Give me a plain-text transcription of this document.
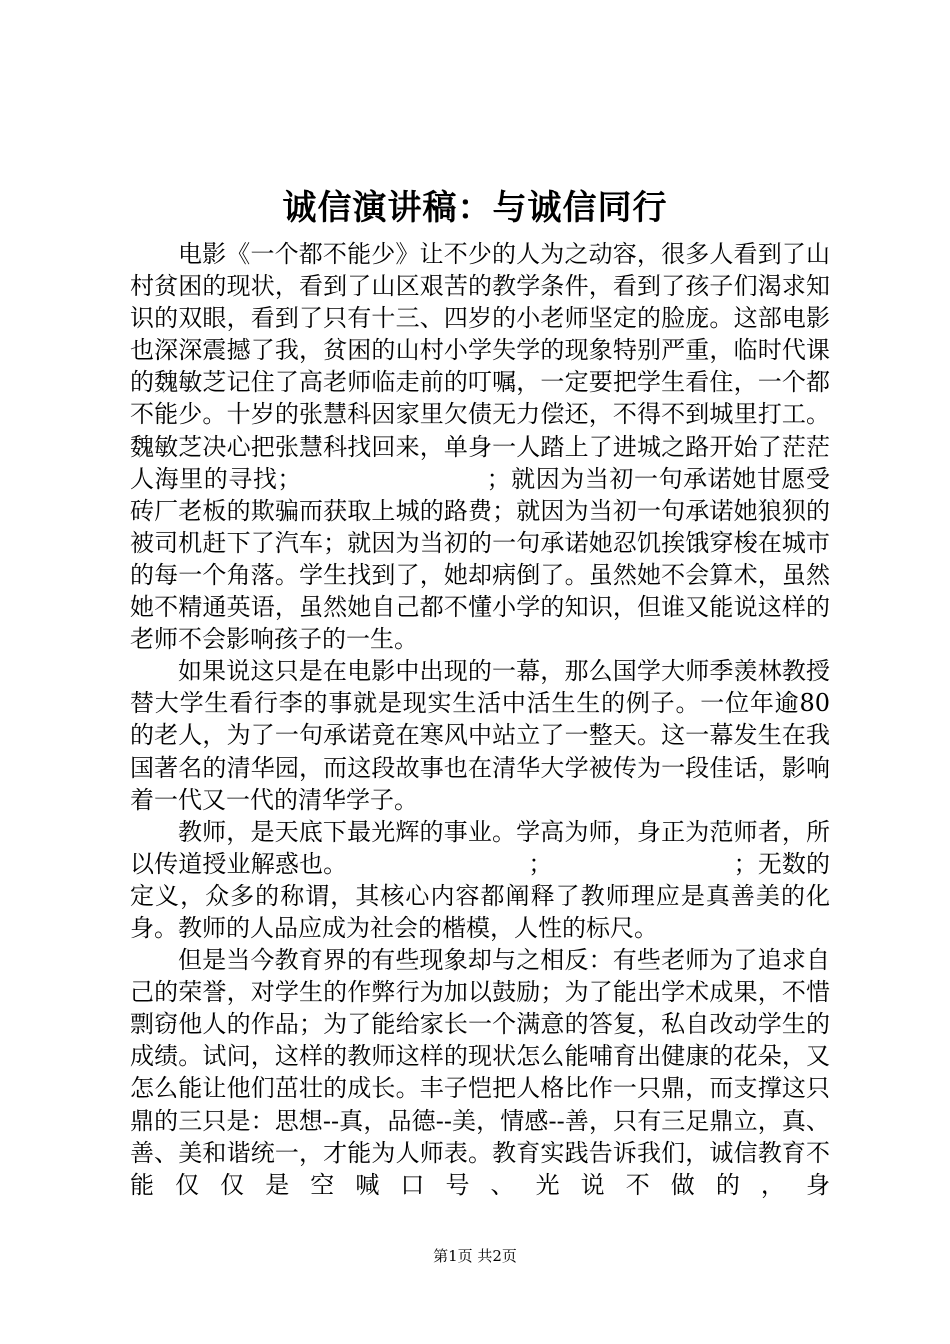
诚信演讲稿：与诚信同行

电影《一个都不能少》让不少的人为之动容，很多人看到了山村贫困的现状，看到了山区艰苦的教学条件，看到了孩子们渴求知识的双眼，看到了只有十三、四岁的小老师坚定的脸庞。这部电影也深深震撼了我，贫困的山村小学失学的现象特别严重，临时代课的魏敏芝记住了高老师临走前的叮嘱，一定要把学生看住，一个都不能少。十岁的张慧科因家里欠债无力偿还，不得不到城里打工。魏敏芝决心把张慧科找回来，单身一人踏上了进城之路开始了茫茫人海里的寻找；　　　　　　　　；就因为当初一句承诺她甘愿受砖厂老板的欺骗而获取上城的路费；就因为当初一句承诺她狼狈的被司机赶下了汽车；就因为当初的一句承诺她忍饥挨饿穿梭在城市的每一个角落。学生找到了，她却病倒了。虽然她不会算术，虽然她不精通英语，虽然她自己都不懂小学的知识，但谁又能说这样的老师不会影响孩子的一生。

如果说这只是在电影中出现的一幕，那么国学大师季羡林教授替大学生看行李的事就是现实生活中活生生的例子。一位年逾80的老人，为了一句承诺竟在寒风中站立了一整天。这一幕发生在我国著名的清华园，而这段故事也在清华大学被传为一段佳话，影响着一代又一代的清华学子。

教师，是天底下最光辉的事业。学高为师，身正为范师者，所以传道授业解惑也。　　　　　　　　；　　　　　　　　；无数的定义，众多的称谓，其核心内容都阐释了教师理应是真善美的化身。教师的人品应成为社会的楷模，人性的标尺。

但是当今教育界的有些现象却与之相反：有些老师为了追求自己的荣誉，对学生的作弊行为加以鼓励；为了能出学术成果，不惜剽窃他人的作品；为了能给家长一个满意的答复，私自改动学生的成绩。试问，这样的教师这样的现状怎么能哺育出健康的花朵，又怎么能让他们茁壮的成长。丰子恺把人格比作一只鼎，而支撑这只鼎的三只是：思想--真，品德--美，情感--善，只有三足鼎立，真、善、美和谐统一，才能为人师表。教育实践告诉我们，诚信教育不能仅仅是空喊口号、光说不做的，身

第1页 共2页
